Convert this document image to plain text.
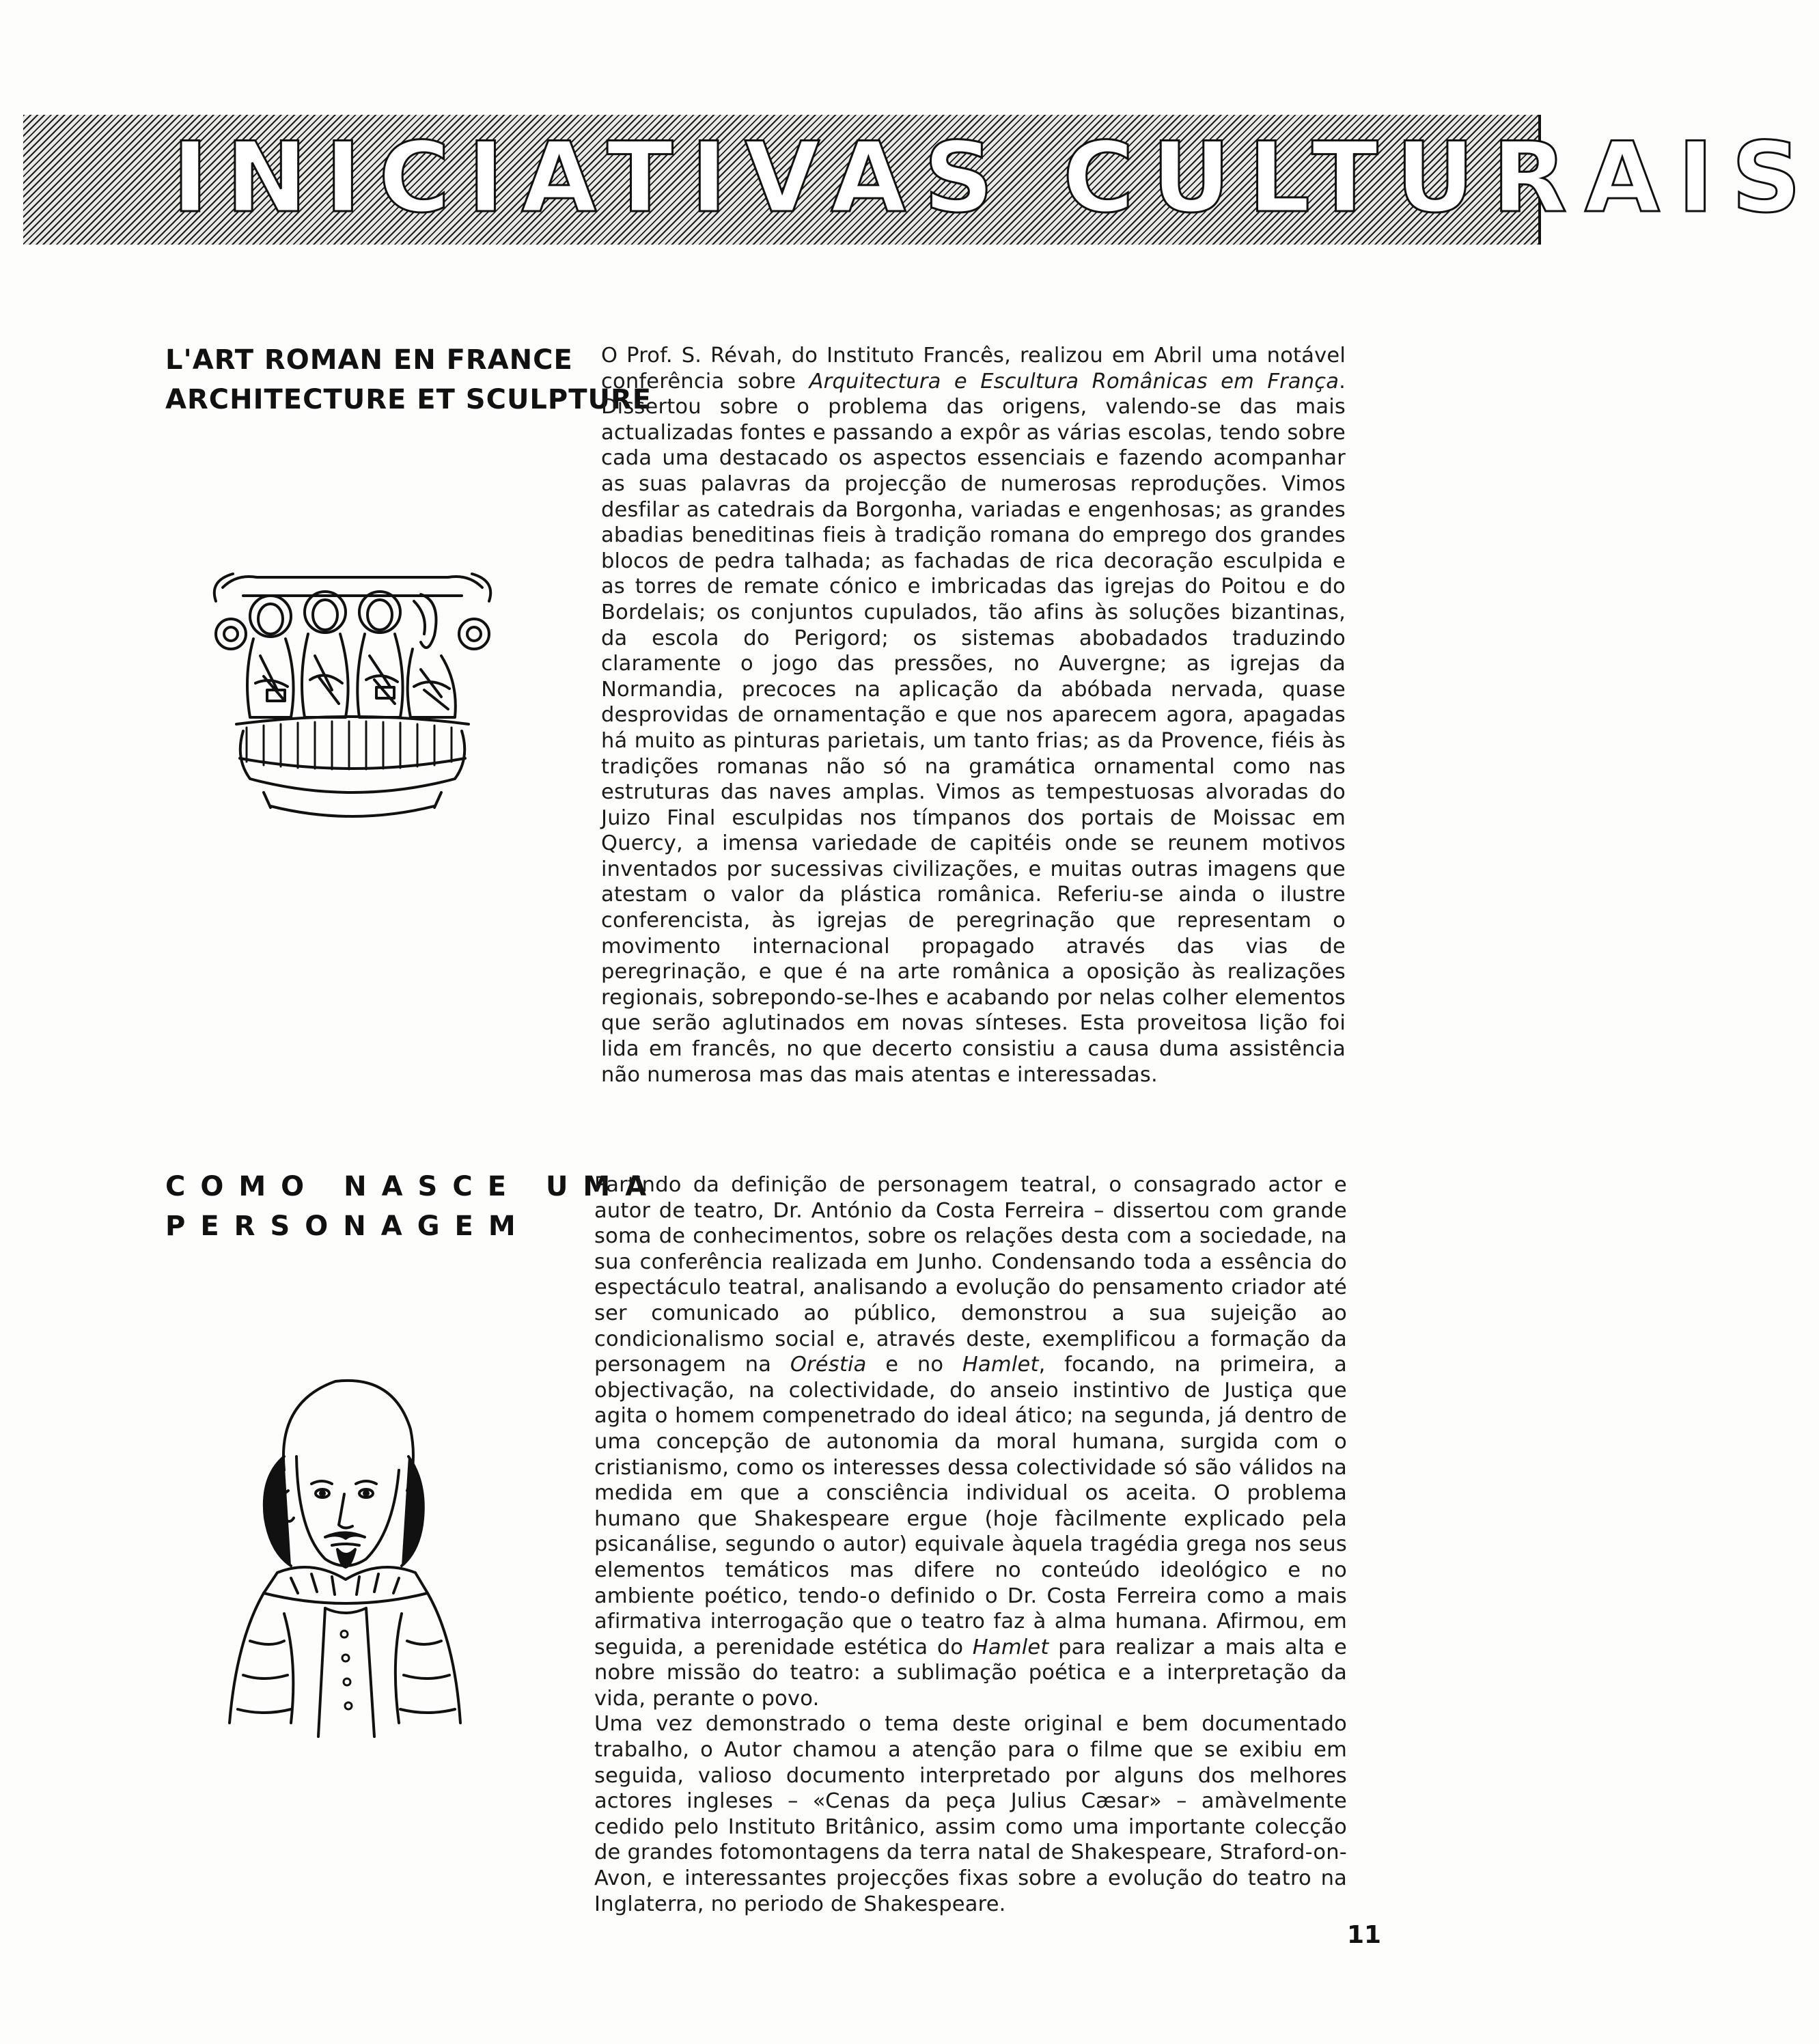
INICIATIVAS CULTURAIS
L'ART ROMAN EN FRANCE
ARCHITECTURE ET SCULPTURE

O Prof. S. Révah, do Instituto Francês, realizou em Abril uma notável conferência sobre Arquitectura e Escultura Românicas em França. Dissertou sobre o problema das origens, valendo-se das mais actualizadas fontes e passando a expôr as várias escolas, tendo sobre cada uma destacado os aspectos essenciais e fazendo acompanhar as suas palavras da projecção de numerosas reproduções. Vimos desfilar as catedrais da Borgonha, variadas e engenhosas; as grandes abadias beneditinas fieis à tradição romana do emprego dos grandes blocos de pedra talhada; as fachadas de rica decoração esculpida e as torres de remate cónico e imbricadas das igrejas do Poitou e do Bordelais; os conjuntos cupulados, tão afins às soluções bizantinas, da escola do Perigord; os sistemas abobadados traduzindo claramente o jogo das pressões, no Auvergne; as igrejas da Normandia, precoces na aplicação da abóbada nervada, quase desprovidas de ornamentação e que nos aparecem agora, apagadas há muito as pinturas parietais, um tanto frias; as da Provence, fiéis às tradições romanas não só na gramática ornamental como nas estruturas das naves amplas. Vimos as tempestuosas alvoradas do Juizo Final esculpidas nos tímpanos dos portais de Moissac em Quercy, a imensa variedade de capitéis onde se reunem motivos inventados por sucessivas civilizações, e muitas outras imagens que atestam o valor da plástica românica. Referiu-se ainda o ilustre conferencista, às igrejas de peregrinação que representam o movimento internacional propagado através das vias de peregrinação, e que é na arte românica a oposição às realizações regionais, sobrepondo-se-lhes e acabando por nelas colher elementos que serão aglutinados em novas sínteses. Esta proveitosa lição foi lida em francês, no que decerto consistiu a causa duma assistência não numerosa mas das mais atentas e interessadas.

COMO NASCE UMA
PERSONAGEM

Partindo da definição de personagem teatral, o consagrado actor e autor de teatro, Dr. António da Costa Ferreira – dissertou com grande soma de conhecimentos, sobre os relações desta com a sociedade, na sua conferência realizada em Junho. Condensando toda a essência do espectáculo teatral, analisando a evolução do pensamento criador até ser comunicado ao público, demonstrou a sua sujeição ao condicionalismo social e, através deste, exemplificou a formação da personagem na Oréstia e no Hamlet, focando, na primeira, a objectivação, na colectividade, do anseio instintivo de Justiça que agita o homem compenetrado do ideal ático; na segunda, já dentro de uma concepção de autonomia da moral humana, surgida com o cristianismo, como os interesses dessa colectividade só são válidos na medida em que a consciência individual os aceita. O problema humano que Shakespeare ergue (hoje fàcilmente explicado pela psicanálise, segundo o autor) equivale àquela tragédia grega nos seus elementos temáticos mas difere no conteúdo ideológico e no ambiente poético, tendo-o definido o Dr. Costa Ferreira como a mais afirmativa interrogação que o teatro faz à alma humana. Afirmou, em seguida, a perenidade estética do Hamlet para realizar a mais alta e nobre missão do teatro: a sublimação poética e a interpretação da vida, perante o povo.

Uma vez demonstrado o tema deste original e bem documentado trabalho, o Autor chamou a atenção para o filme que se exibiu em seguida, valioso documento interpretado por alguns dos melhores actores ingleses – «Cenas da peça Julius Cæsar» – amàvelmente cedido pelo Instituto Britânico, assim como uma importante colecção de grandes fotomontagens da terra natal de Shakespeare, Straford-on-Avon, e interessantes projecções fixas sobre a evolução do teatro na Inglaterra, no periodo de Shakespeare.

11
